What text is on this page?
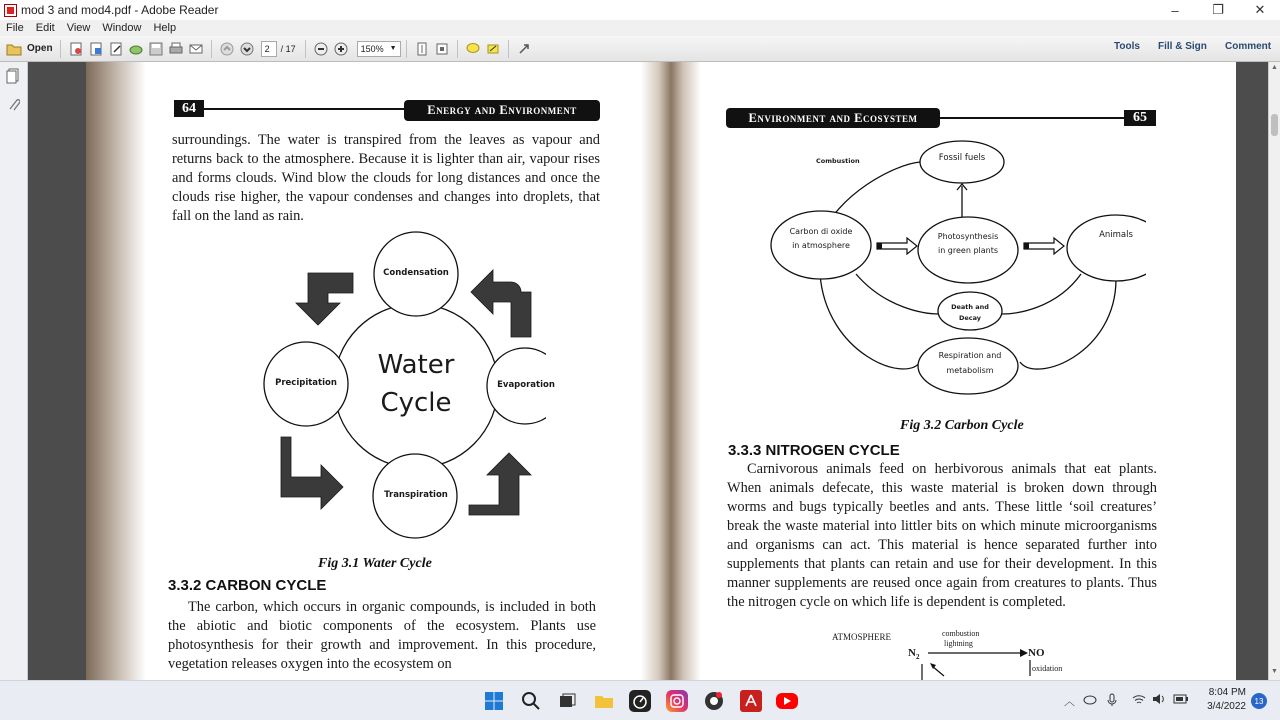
mod 3 and mod4.pdf - Adobe Reader	–	❐	✕
File	Edit	View	Window	Help
Open	2	/ 17	150% ▼	Tools Fill & Sign Comment
64	Energy and Environment
surroundings. The water is transpired from the leaves as vapour and returns back to the atmosphere. Because it is lighter than air, vapour rises and forms clouds. Wind blow the clouds for long distances and once the clouds rise higher, the vapour condenses and changes into droplets, that fall on the land as rain.
Water
Cycle
Condensation
Evaporation
Transpiration
Precipitation
Fig 3.1 Water Cycle
3.3.2 CARBON CYCLE
The carbon, which occurs in organic compounds, is included in both the abiotic and biotic components of the ecosystem. Plants use photosynthesis for their growth and improvement. In this procedure, vegetation releases oxygen into the ecosystem on
Environment and Ecosystem	65
Fossil fuels
Combustion
Carbon di oxide
in atmosphere
Photosynthesis
in green plants
Animals
Death and
Decay
Respiration and
metabolism
Fig 3.2 Carbon Cycle
3.3.3 NITROGEN CYCLE
Carnivorous animals feed on herbivorous animals that eat plants. When animals defecate, this waste material is broken down through worms and bugs typically beetles and ants. These little ‘soil creatures’ break the waste material into littler bits on which minute microorganisms and organisms can act. This material is hence separated further into supplements that plants can retain and use for their development. In this manner supplements are reused once again from creatures to plants. Thus the nitrogen cycle on which life is dependent is completed.
ATMOSPHERE	combustion
lightning
$N_2$	NO
oxidation
▲
▼
︿
8:04 PM
3/4/2022	13
